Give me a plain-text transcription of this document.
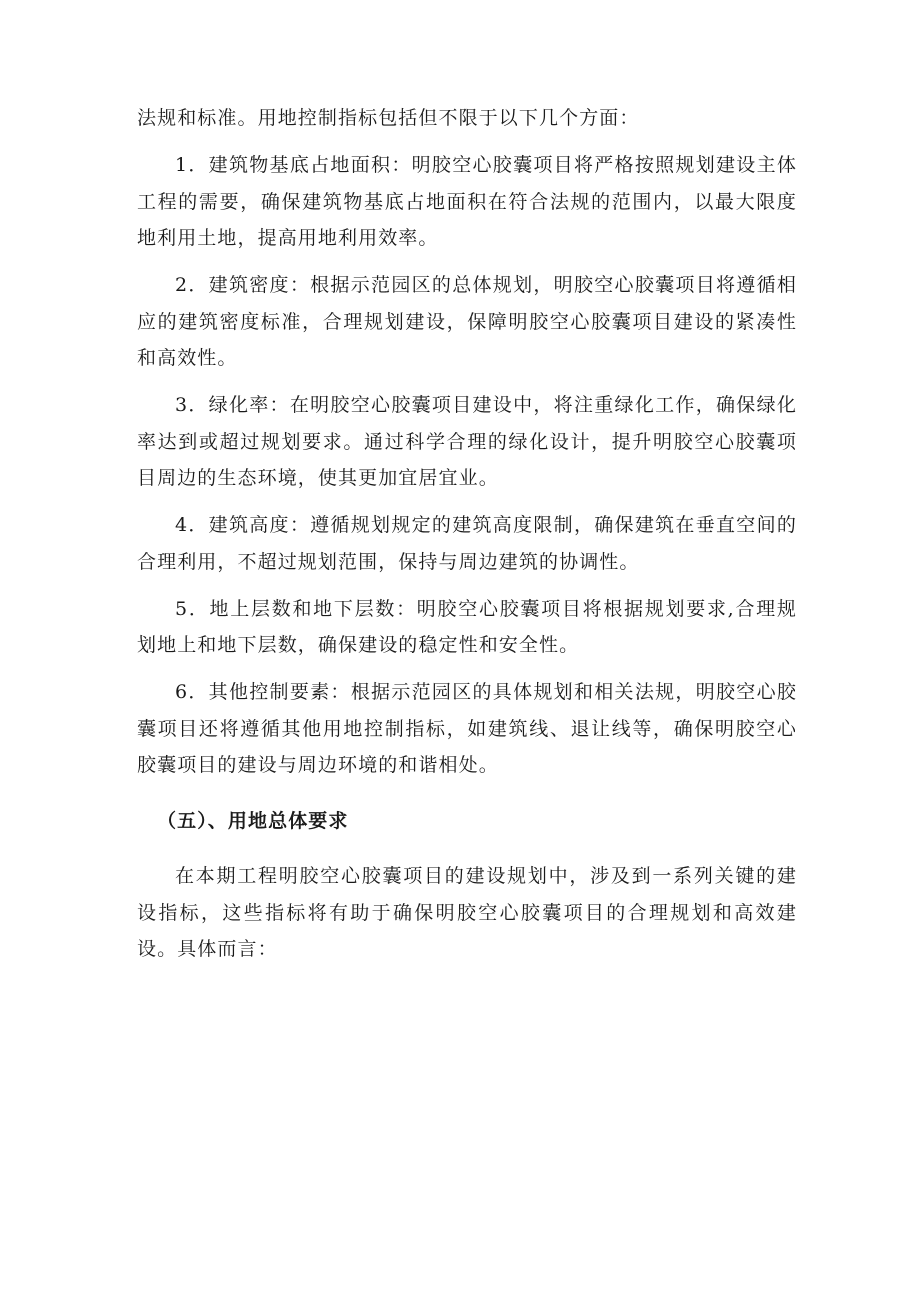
法规和标准。用地控制指标包括但不限于以下几个方面：

1．建筑物基底占地面积：明胶空心胶囊项目将严格按照规划建设主体工程的需要，确保建筑物基底占地面积在符合法规的范围内，以最大限度地利用土地，提高用地利用效率。

2．建筑密度：根据示范园区的总体规划，明胶空心胶囊项目将遵循相应的建筑密度标准，合理规划建设，保障明胶空心胶囊项目建设的紧凑性和高效性。

3．绿化率：在明胶空心胶囊项目建设中，将注重绿化工作，确保绿化率达到或超过规划要求。通过科学合理的绿化设计，提升明胶空心胶囊项目周边的生态环境，使其更加宜居宜业。

4．建筑高度：遵循规划规定的建筑高度限制，确保建筑在垂直空间的合理利用，不超过规划范围，保持与周边建筑的协调性。

5．地上层数和地下层数：明胶空心胶囊项目将根据规划要求,合理规划地上和地下层数，确保建设的稳定性和安全性。

6．其他控制要素：根据示范园区的具体规划和相关法规，明胶空心胶囊项目还将遵循其他用地控制指标，如建筑线、退让线等，确保明胶空心胶囊项目的建设与周边环境的和谐相处。

（五）、用地总体要求

在本期工程明胶空心胶囊项目的建设规划中，涉及到一系列关键的建设指标，这些指标将有助于确保明胶空心胶囊项目的合理规划和高效建设。具体而言：
